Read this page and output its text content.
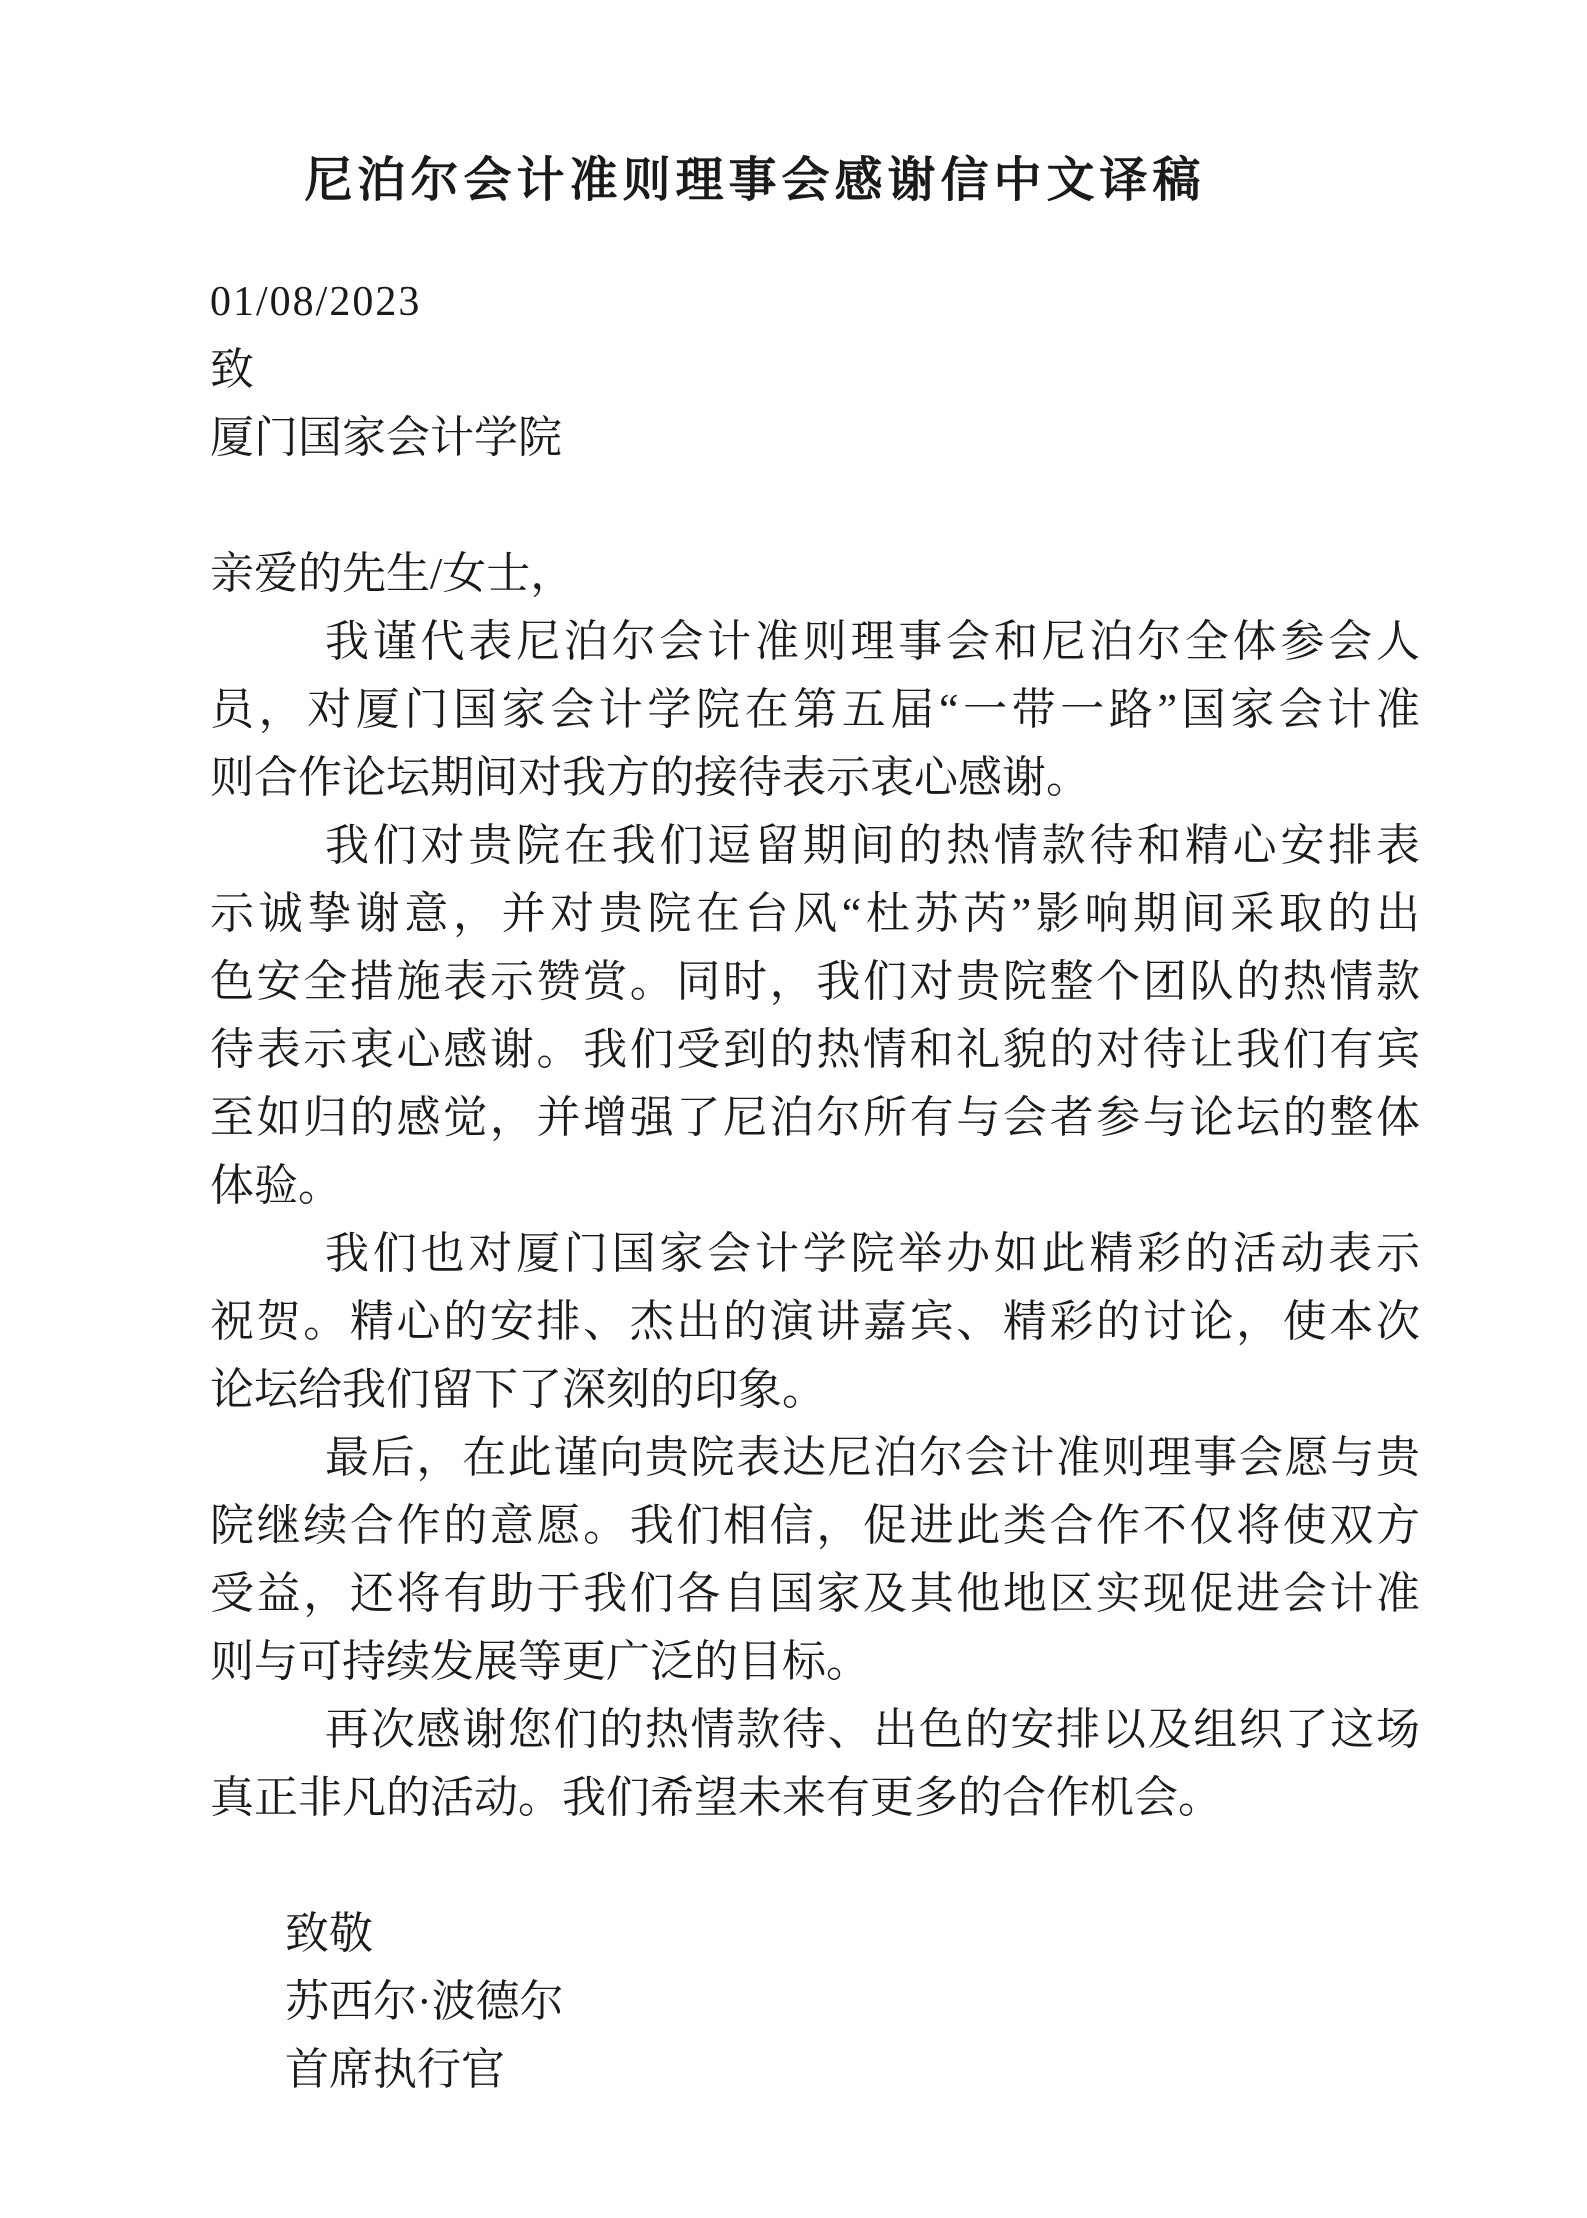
尼泊尔会计准则理事会感谢信中文译稿
01/08/2023
致
厦门国家会计学院

亲爱的先生/女士，
我谨代表尼泊尔会计准则理事会和尼泊尔全体参会人
员，对厦门国家会计学院在第五届“一带一路”国家会计准
则合作论坛期间对我方的接待表示衷心感谢。
我们对贵院在我们逗留期间的热情款待和精心安排表
示诚挚谢意，并对贵院在台风“杜苏芮”影响期间采取的出
色安全措施表示赞赏。同时，我们对贵院整个团队的热情款
待表示衷心感谢。我们受到的热情和礼貌的对待让我们有宾
至如归的感觉，并增强了尼泊尔所有与会者参与论坛的整体
体验。
我们也对厦门国家会计学院举办如此精彩的活动表示
祝贺。精心的安排、杰出的演讲嘉宾、精彩的讨论，使本次
论坛给我们留下了深刻的印象。
最后，在此谨向贵院表达尼泊尔会计准则理事会愿与贵
院继续合作的意愿。我们相信，促进此类合作不仅将使双方
受益，还将有助于我们各自国家及其他地区实现促进会计准
则与可持续发展等更广泛的目标。
再次感谢您们的热情款待、出色的安排以及组织了这场
真正非凡的活动。我们希望未来有更多的合作机会。

致敬
苏西尔·波德尔
首席执行官
